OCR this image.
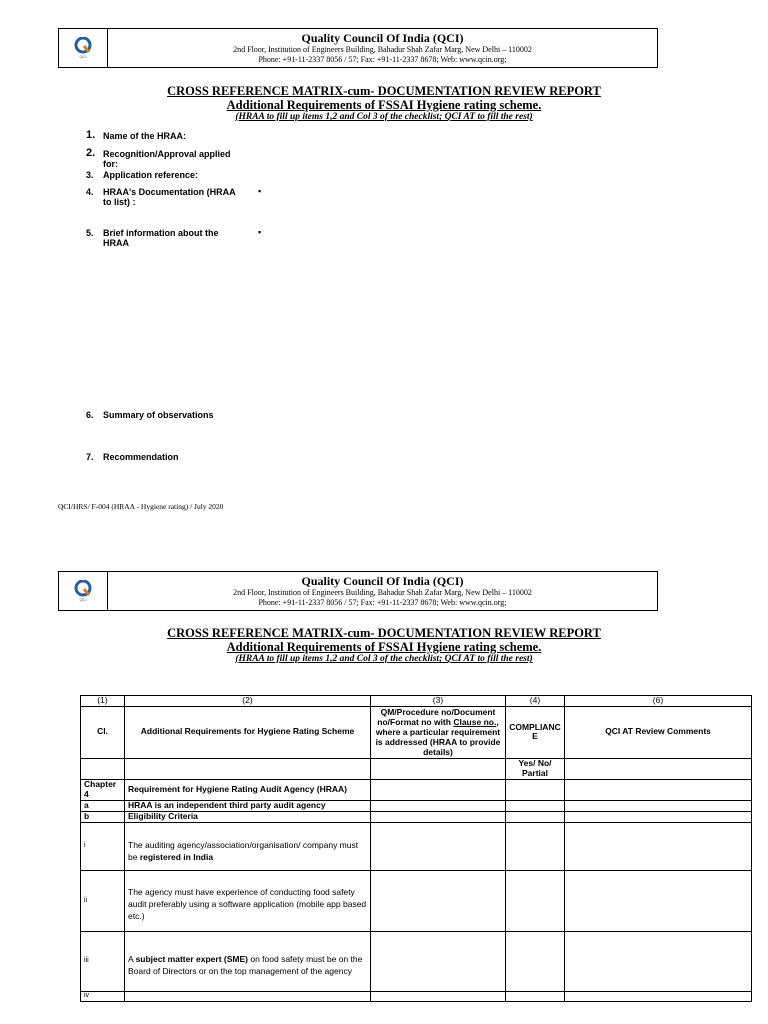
QCI
Quality Council Of India (QCI)
2nd Floor, Institution of Engineers Building, Bahadur Shah Zafar Marg, New Delhi – 110002
Phone: +91-11-2337 8056 / 57; Fax: +91-11-2337 8678; Web: www.qcin.org;
CROSS REFERENCE MATRIX-cum- DOCUMENTATION REVIEW REPORT
Additional Requirements of FSSAI Hygiene rating scheme.
(HRAA to fill up items 1,2 and Col 3 of the checklist; QCI AT to fill the rest)
1. Name of the HRAA:
2. Recognition/Approval applied for:
3. Application reference:
4. HRAA's Documentation (HRAA to list) :
▪
5. Brief information about the HRAA
▪
6. Summary of observations
7. Recommendation
QCI/HRS/ F-004 (HRAA - Hygiene rating) / July 2020
QCI
Quality Council Of India (QCI)
2nd Floor, Institution of Engineers Building, Bahadur Shah Zafar Marg, New Delhi – 110002
Phone: +91-11-2337 8056 / 57; Fax: +91-11-2337 8678; Web: www.qcin.org;
CROSS REFERENCE MATRIX-cum- DOCUMENTATION REVIEW REPORT
Additional Requirements of FSSAI Hygiene rating scheme.
(HRAA to fill up items 1,2 and Col 3 of the checklist; QCI AT to fill the rest)
(1)	(2)	(3)	(4)	(6)
Cl.	Additional Requirements for Hygiene Rating Scheme	QM/Procedure no/Document no/Format no with Clause no., where a particular requirement is addressed (HRAA to provide details)	COMPLIANCE	QCI AT Review Comments
			Yes/ No/ Partial	
Chapter 4	Requirement for Hygiene Rating Audit Agency (HRAA)			
a	HRAA is an independent third party audit agency			
b	Eligibility Criteria			

i	The auditing agency/association/organisation/ company must be registered in India			

ii	The agency must have experience of conducting food safety audit preferably using a software application (mobile app based etc.)			

iii	A subject matter expert (SME) on food safety must be on the Board of Directors or on the top management of the agency			

iv				
